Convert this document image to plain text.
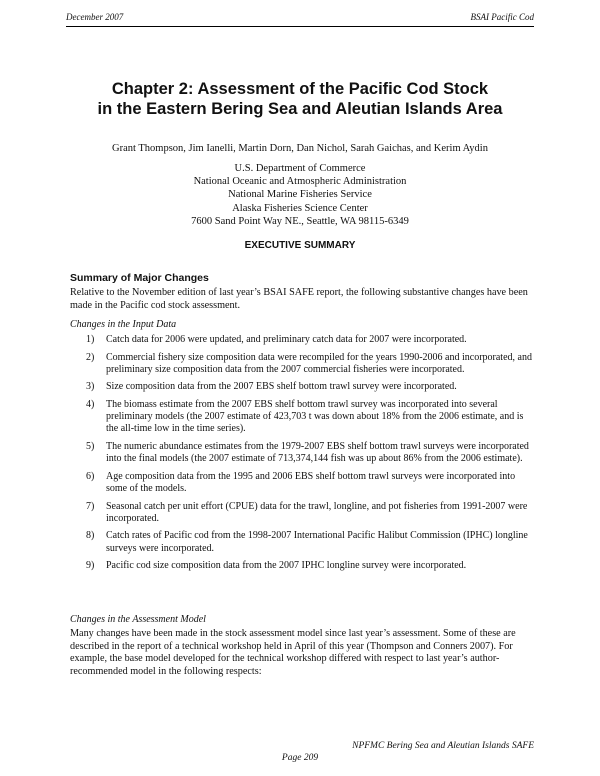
December 2007	BSAI Pacific Cod
Chapter 2: Assessment of the Pacific Cod Stock
in the Eastern Bering Sea and Aleutian Islands Area
Grant Thompson, Jim Ianelli, Martin Dorn, Dan Nichol, Sarah Gaichas, and Kerim Aydin
U.S. Department of Commerce
National Oceanic and Atmospheric Administration
National Marine Fisheries Service
Alaska Fisheries Science Center
7600 Sand Point Way NE., Seattle, WA 98115-6349
EXECUTIVE SUMMARY
Summary of Major Changes
Relative to the November edition of last year’s BSAI SAFE report, the following substantive changes have been made in the Pacific cod stock assessment.
Changes in the Input Data
1) Catch data for 2006 were updated, and preliminary catch data for 2007 were incorporated.
2) Commercial fishery size composition data were recompiled for the years 1990-2006 and incorporated, and preliminary size composition data from the 2007 commercial fisheries were incorporated.
3) Size composition data from the 2007 EBS shelf bottom trawl survey were incorporated.
4) The biomass estimate from the 2007 EBS shelf bottom trawl survey was incorporated into several preliminary models (the 2007 estimate of 423,703 t was down about 18% from the 2006 estimate, and is the all-time low in the time series).
5) The numeric abundance estimates from the 1979-2007 EBS shelf bottom trawl surveys were incorporated into the final models (the 2007 estimate of 713,374,144 fish was up about 86% from the 2006 estimate).
6) Age composition data from the 1995 and 2006 EBS shelf bottom trawl surveys were incorporated into some of the models.
7) Seasonal catch per unit effort (CPUE) data for the trawl, longline, and pot fisheries from 1991-2007 were incorporated.
8) Catch rates of Pacific cod from the 1998-2007 International Pacific Halibut Commission (IPHC) longline surveys were incorporated.
9) Pacific cod size composition data from the 2007 IPHC longline survey were incorporated.
Changes in the Assessment Model
Many changes have been made in the stock assessment model since last year’s assessment. Some of these are described in the report of a technical workshop held in April of this year (Thompson and Conners 2007). For example, the base model developed for the technical workshop differed with respect to last year’s author-recommended model in the following respects:
NPFMC Bering Sea and Aleutian Islands SAFE
Page 209
